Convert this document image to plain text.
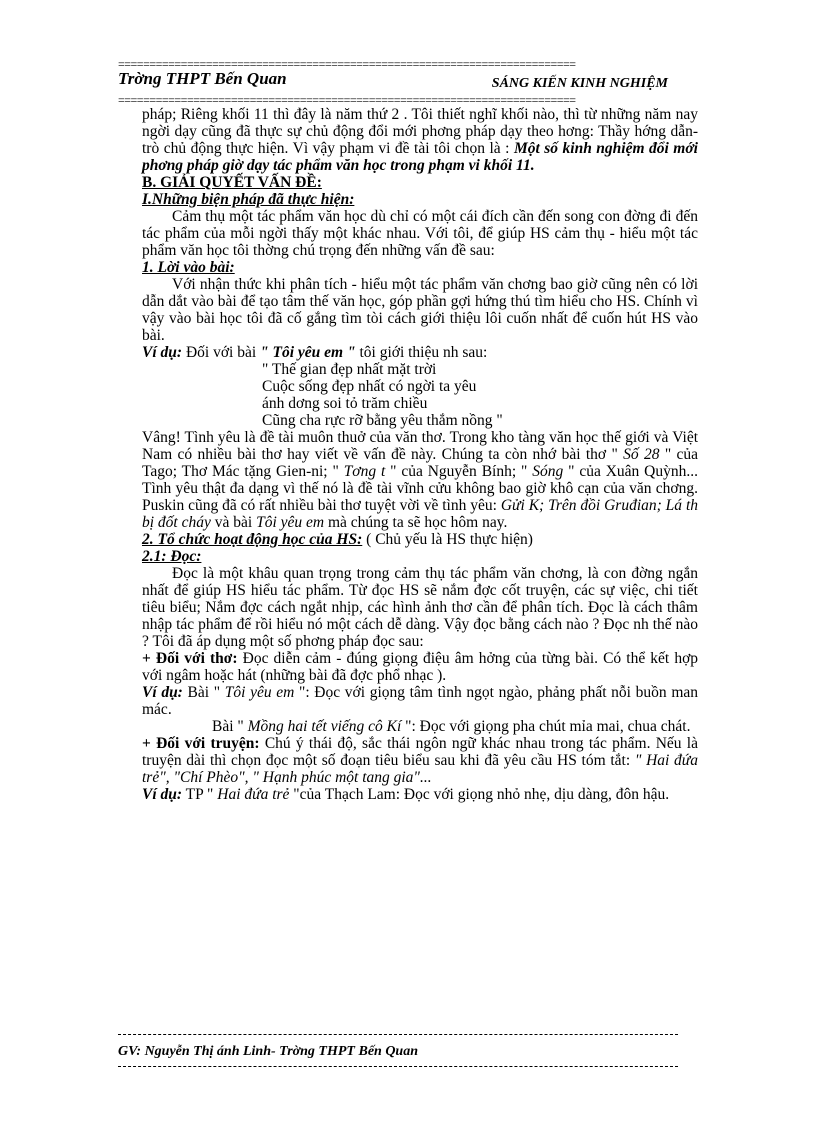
=========================================================================
Trờng THPT Bến Quan	SÁNG KIẾN KINH NGHIỆM
=========================================================================

pháp; Riêng khối 11 thì đây là năm thứ 2 . Tôi thiết nghĩ khối nào, thì từ những năm nay ngời dạy cũng đã thực sự chủ động đổi mới phơng pháp dạy theo hơng: Thầy hớng dẫn- trò chủ động thực hiện. Vì vậy phạm vi đề tài tôi chọn là : Một số kinh nghiệm đổi mới phơng pháp giờ dạy tác phẩm văn học trong phạm vi khối 11.

B. GIẢI QUYẾT VẤN ĐỀ:

I.Những biện pháp đã thực hiện:

Cảm thụ một tác phẩm văn học dù chỉ có một cái đích cần đến song con đờng đi đến tác phẩm của mỗi ngời thấy một khác nhau. Với tôi, để giúp HS cảm thụ - hiểu một tác phẩm văn học tôi thờng chú trọng đến những vấn đề sau:

1. Lời vào bài:

Với nhận thức khi phân tích - hiểu một tác phẩm văn chơng bao giờ cũng nên có lời dẫn dắt vào bài để tạo tâm thế văn học, góp phần gợi hứng thú tìm hiểu cho HS. Chính vì vậy vào bài học tôi đã cố gắng tìm tòi cách giới thiệu lôi cuốn nhất để cuốn hút HS vào bài.

Ví dụ: Đối với bài " Tôi yêu em " tôi giới thiệu nh sau:

" Thế gian đẹp nhất mặt trời

Cuộc sống đẹp nhất có ngời ta yêu

ánh dơng soi tỏ trăm chiều

Cũng cha rực rỡ bằng yêu thắm nồng "

Vâng! Tình yêu là đề tài muôn thuở của văn thơ. Trong kho tàng văn học thế giới và Việt Nam có nhiều bài thơ hay viết về vấn đề này. Chúng ta còn nhớ bài thơ " Số 28 " của Tago; Thơ Mác tặng Gien-ni; " Tơng t " của Nguyễn Bính; " Sóng " của Xuân Quỳnh... Tình yêu thật đa dạng vì thế nó là đề tài vĩnh cửu không bao giờ khô cạn của văn chơng. Puskin cũng đã có rất nhiều bài thơ tuyệt vời về tình yêu: Gửi K; Trên đồi Gruđian; Lá th bị đốt cháy và bài Tôi yêu em mà chúng ta sẽ học hôm nay.

2. Tổ chức hoạt động học của HS: ( Chủ yếu là HS thực hiện)

2.1: Đọc:

Đọc là một khâu quan trọng trong cảm thụ tác phẩm văn chơng, là con đờng ngắn nhất để giúp HS hiểu tác phẩm. Từ đọc HS sẽ nắm đợc cốt truyện, các sự việc, chi tiết tiêu biểu; Nắm đợc cách ngắt nhịp, các hình ảnh thơ cần để phân tích. Đọc là cách thâm nhập tác phẩm để rồi hiểu nó một cách dễ dàng. Vậy đọc bằng cách nào ? Đọc nh thế nào ? Tôi đã áp dụng một số phơng pháp đọc sau:

+ Đối với thơ: Đọc diễn cảm - đúng giọng điệu âm hởng của từng bài. Có thể kết hợp với ngâm hoặc hát (những bài đã đợc phổ nhạc ).

Ví dụ: Bài " Tôi yêu em ": Đọc với giọng tâm tình ngọt ngào, phảng phất nỗi buồn man mác.

Bài " Mồng hai tết viếng cô Kí ": Đọc với giọng pha chút mỉa mai, chua chát.

+ Đối với truyện: Chú ý thái độ, sắc thái ngôn ngữ khác nhau trong tác phẩm. Nếu là truyện dài thì chọn đọc một số đoạn tiêu biểu sau khi đã yêu cầu HS tóm tắt: " Hai đứa trẻ", "Chí Phèo", " Hạnh phúc một tang gia"...

Ví dụ: TP " Hai đứa trẻ "của Thạch Lam: Đọc với giọng nhỏ nhẹ, dịu dàng, đôn hậu.

GV: Nguyễn Thị ánh Linh- Trờng THPT Bến Quan
